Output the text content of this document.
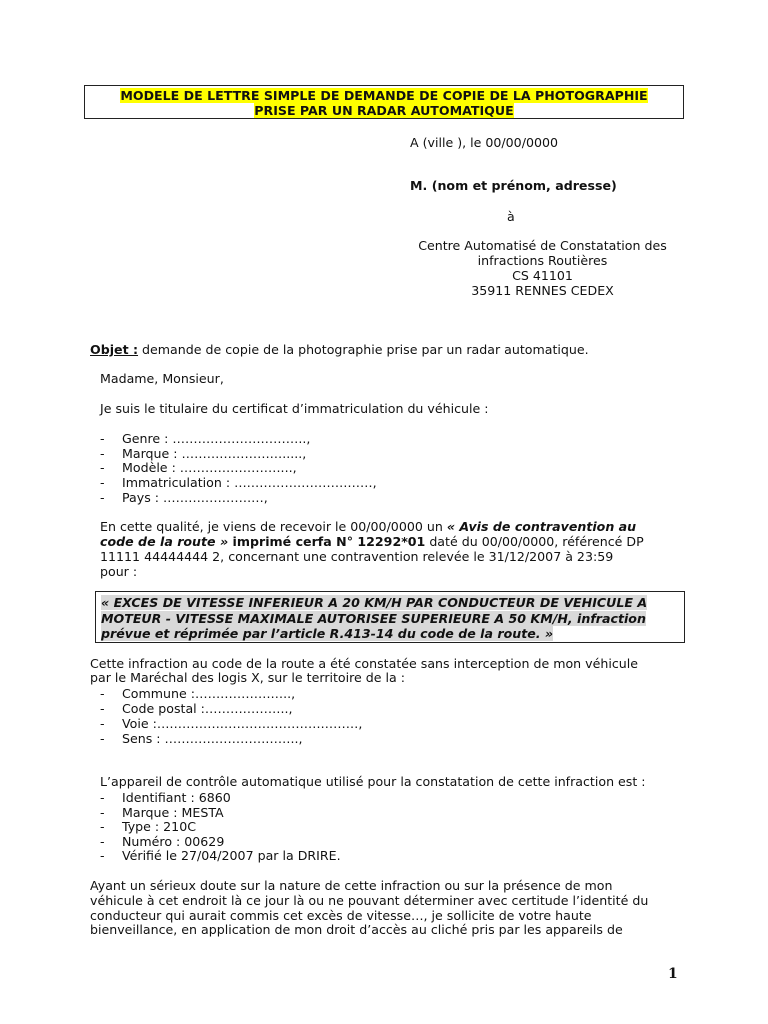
MODELE DE LETTRE SIMPLE DE DEMANDE DE COPIE DE LA PHOTOGRAPHIE
PRISE PAR UN RADAR AUTOMATIQUE
A (ville ), le 00/00/0000
M. (nom et prénom, adresse)
à
Centre Automatisé de Constatation des
infractions Routières
CS 41101
35911 RENNES CEDEX
Objet : demande de copie de la photographie prise par un radar automatique.
Madame, Monsieur,
Je suis le titulaire du certificat d’immatriculation du véhicule :
- Genre : …………………………..,
- Marque : …………………….....,
- Modèle : ……………………...,
- Immatriculation : ……………………………,
- Pays : ……………………,
En cette qualité, je viens de recevoir le 00/00/0000 un « Avis de contravention au
code de la route » imprimé cerfa N° 12292*01 daté du 00/00/0000, référencé DP
11111 44444444 2, concernant une contravention relevée le 31/12/2007 à 23:59
pour :
« EXCES DE VITESSE INFERIEUR A 20 KM/H PAR CONDUCTEUR DE VEHICULE A
MOTEUR - VITESSE MAXIMALE AUTORISEE SUPERIEURE A 50 KM/H, infraction
prévue et réprimée par l’article R.413-14 du code de la route. »
Cette infraction au code de la route a été constatée sans interception de mon véhicule
par le Maréchal des logis X, sur le territoire de la :
- Commune :…………………..,
- Code postal :………………..,
- Voie :…………………………………………,
- Sens : …………………………..,
L’appareil de contrôle automatique utilisé pour la constatation de cette infraction est :
- Identifiant : 6860
- Marque : MESTA
- Type : 210C
- Numéro : 00629
- Vérifié le 27/04/2007 par la DRIRE.
Ayant un sérieux doute sur la nature de cette infraction ou sur la présence de mon
véhicule à cet endroit là ce jour là ou ne pouvant déterminer avec certitude l’identité du
conducteur qui aurait commis cet excès de vitesse…, je sollicite de votre haute
bienveillance, en application de mon droit d’accès au cliché pris par les appareils de
1
